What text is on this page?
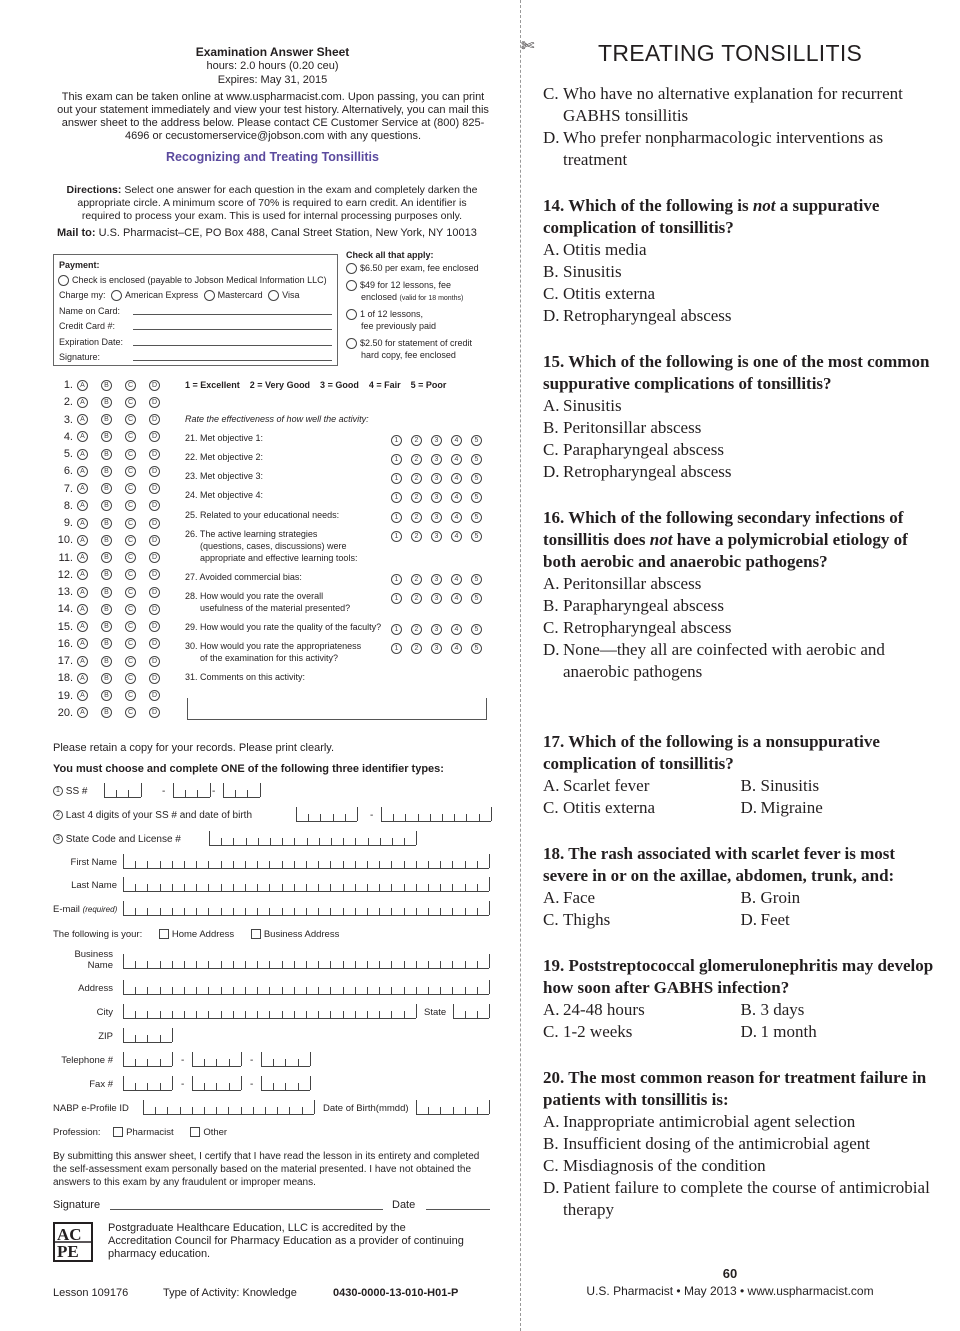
Examination Answer Sheet
hours: 2.0 hours (0.20 ceu)
Expires: May 31, 2015
This exam can be taken online at www.uspharmacist.com. Upon passing, you can print out your statement immediately and view your test history. Alternatively, you can mail this answer sheet to the address below. Please contact CE Customer Service at (800) 825-4696 or cecustomerservice@jobson.com with any questions.
Recognizing and Treating Tonsillitis
Directions: Select one answer for each question in the exam and completely darken the appropriate circle. A minimum score of 70% is required to earn credit. An identifier is required to process your exam. This is used for internal processing purposes only.
Mail to: U.S. Pharmacist–CE, PO Box 488, Canal Street Station, New York, NY 10013
Payment:
Check is enclosed (payable to Jobson Medical Information LLC)
Charge my: American Express Mastercard Visa
Name on Card:
Credit Card #:
Expiration Date:
Signature:
Check all that apply:
$6.50 per exam, fee enclosed
$49 for 12 lessons, fee
enclosed (valid for 18 months)
1 of 12 lessons,
fee previously paid
$2.50 for statement of credit
hard copy, fee enclosed
1. A	B	C	D
2. A	B	C	D
3. A	B	C	D
4. A	B	C	D
5. A	B	C	D
6. A	B	C	D
7. A	B	C	D
8. A	B	C	D
9. A	B	C	D
10. A	B	C	D
11. A	B	C	D
12. A	B	C	D
13. A	B	C	D
14. A	B	C	D
15. A	B	C	D
16. A	B	C	D
17. A	B	C	D
18. A	B	C	D
19. A	B	C	D
20. A	B	C	D
1 = Excellent    2 = Very Good    3 = Good    4 = Fair    5 = Poor
Rate the effectiveness of how well the activity:
21. Met objective 1:	1 2 3 4 5
22. Met objective 2:	1 2 3 4 5
23. Met objective 3:	1 2 3 4 5
24. Met objective 4:	1 2 3 4 5
25. Related to your educational needs:	1 2 3 4 5
26. The active learning strategies
(questions, cases, discussions) were
appropriate and effective learning tools:
1 2 3 4 5
27. Avoided commercial bias:	1 2 3 4 5
28. How would you rate the overall
usefulness of the material presented?
1 2 3 4 5
29. How would you rate the quality of the faculty?	1 2 3 4 5
30. How would you rate the appropriateness
of the examination for this activity?
1 2 3 4 5
31. Comments on this activity:
Please retain a copy for your records. Please print clearly.
You must choose and complete ONE of the following three identifier types:
1 SS #
2 Last 4 digits of your SS # and date of birth
3 State Code and License #
First Name
Last Name
E-mail (required)
The following is your:	Home Address	Business Address
Business
Name
Address
City	State
ZIP
Telephone #
Fax #
NABP e-Profile ID	Date of Birth(mmdd)
Profession:	Pharmacist	Other
By submitting this answer sheet, I certify that I have read the lesson in its entirety and completed the self-assessment exam personally based on the material presented. I have not obtained the answers to this exam by any fraudulent or improper means.
Signature	Date
AC
PE
Postgraduate Healthcare Education, LLC is accredited by the Accreditation Council for Pharmacy Education as a provider of continuing pharmacy education.
Lesson 109176	Type of Activity: Knowledge	0430-0000-13-010-H01-P
-	-
-
-	-
-	-
✄	TREATING TONSILLITIS
C. Who have no alternative explanation for recurrent GABHS tonsillitis
D. Who prefer nonpharmacologic interventions as treatment
14. Which of the following is not a suppurative complication of tonsillitis?
A. Otitis media
B. Sinusitis
C. Otitis externa
D. Retropharyngeal abscess
15. Which of the following is one of the most common suppurative complications of tonsillitis?
A. Sinusitis
B. Peritonsillar abscess
C. Parapharyngeal abscess
D. Retropharyngeal abscess
16. Which of the following secondary infections of tonsillitis does not have a polymicrobial etiology of both aerobic and anaerobic pathogens?
A. Peritonsillar abscess
B. Parapharyngeal abscess
C. Retropharyngeal abscess
D. None—they all are coinfected with aerobic and anaerobic pathogens
17. Which of the following is a nonsuppurative complication of tonsillitis?
A. Scarlet fever	B. Sinusitis
C. Otitis externa	D. Migraine
18. The rash associated with scarlet fever is most severe in or on the axillae, abdomen, trunk, and:
A. Face	B. Groin
C. Thighs	D. Feet
19. Poststreptococcal glomerulonephritis may develop how soon after GABHS infection?
A. 24-48 hours	B. 3 days
C. 1-2 weeks	D. 1 month
20. The most common reason for treatment failure in patients with tonsillitis is:
A. Inappropriate antimicrobial agent selection
B. Insufficient dosing of the antimicrobial agent
C. Misdiagnosis of the condition
D. Patient failure to complete the course of antimicrobial therapy
60
U.S. Pharmacist • May 2013 • www.uspharmacist.com
